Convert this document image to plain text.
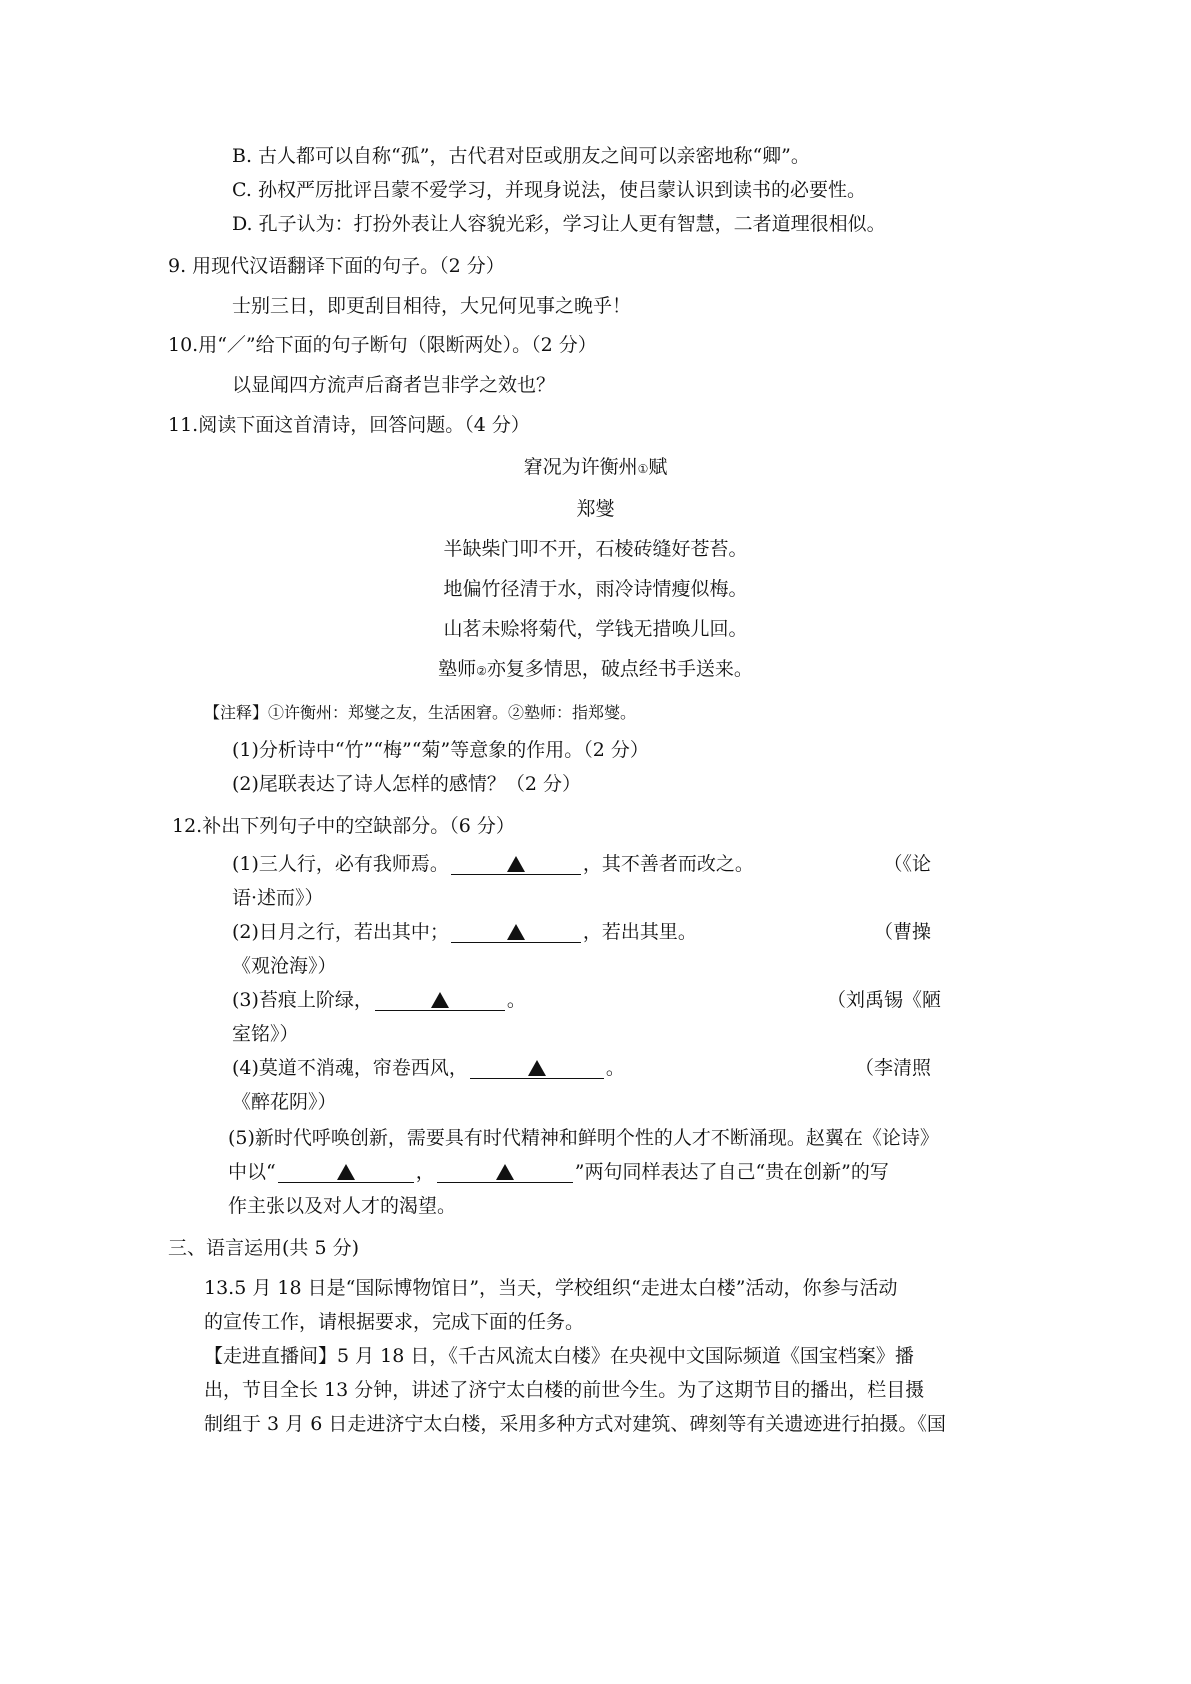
B. 古人都可以自称“孤”，古代君对臣或朋友之间可以亲密地称“卿”。
C. 孙权严厉批评吕蒙不爱学习，并现身说法，使吕蒙认识到读书的必要性。
D. 孔子认为：打扮外表让人容貌光彩，学习让人更有智慧，二者道理很相似。
9. 用现代汉语翻译下面的句子。（2 分）
士别三日，即更刮目相待，大兄何见事之晚乎！
10.用“／”给下面的句子断句（限断两处）。（2 分）
以显闻四方流声后裔者岂非学之效也？
11.阅读下面这首清诗，回答问题。（4 分）
窘况为许衡州①赋
郑燮
半缺柴门叩不开，石棱砖缝好苍苔。
地偏竹径清于水，雨冷诗情瘦似梅。
山茗未赊将菊代，学钱无措唤儿回。
塾师②亦复多情思，破点经书手送来。
【注释】①许衡州：郑燮之友，生活困窘。②塾师：指郑燮。
(1)分析诗中“竹”“梅”“菊”等意象的作用。（2 分）
(2)尾联表达了诗人怎样的感情？（2 分）
12.补出下列句子中的空缺部分。（6 分）
(1)三人行，必有我师焉。	，其不善者而改之。	（《论
语·述而》）
(2)日月之行，若出其中；	，若出其里。	（曹操
《观沧海》）
(3)苔痕上阶绿，	。	（刘禹锡《陋
室铭》）
(4)莫道不消魂，帘卷西风，	。	（李清照
《醉花阴》）
(5)新时代呼唤创新，需要具有时代精神和鲜明个性的人才不断涌现。赵翼在《论诗》
中以“	，	”两句同样表达了自己“贵在创新”的写
作主张以及对人才的渴望。
三、语言运用(共 5 分)
13.5 月 18 日是“国际博物馆日”，当天，学校组织“走进太白楼”活动，你参与活动
的宣传工作，请根据要求，完成下面的任务。
【走进直播间】5 月 18 日，《千古风流太白楼》在央视中文国际频道《国宝档案》播
出，节目全长 13 分钟，讲述了济宁太白楼的前世今生。为了这期节目的播出，栏目摄
制组于 3 月 6 日走进济宁太白楼，采用多种方式对建筑、碑刻等有关遗迹进行拍摄。《国
